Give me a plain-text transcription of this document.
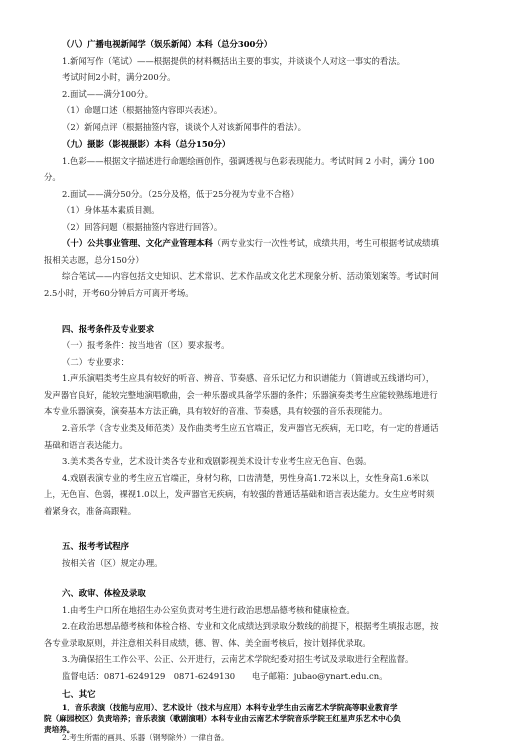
（八）广播电视新闻学（娱乐新闻）本科（总分300分）
1.新闻写作（笔试）——根据提供的材料概括出主要的事实，并谈谈个人对这一事实的看法。
考试时间2小时，满分200分。
2.面试——满分100分。
（1）命题口述（根据抽签内容即兴表述）。
（2）新闻点评（根据抽签内容，谈谈个人对该新闻事件的看法）。
（九）摄影（影视摄影）本科（总分150分）
1.色彩——根据文字描述进行命题绘画创作，强调透视与色彩表现能力。考试时间 2 小时，满分 100
分。
2.面试——满分50分。（25分及格，低于25分视为专业不合格）
（1）身体基本素质目测。
（2）回答问题（根据抽签内容进行回答）。
（十）公共事业管理、文化产业管理本科（两专业实行一次性考试，成绩共用，考生可根据考试成绩填
报相关志愿，总分150分）
综合笔试——内容包括文史知识、艺术常识、艺术作品或文化艺术现象分析、活动策划案等。考试时间
2.5小时，开考60分钟后方可离开考场。
四、报考条件及专业要求
（一）报考条件：按当地省（区）要求报考。
（二）专业要求：
1.声乐演唱类考生应具有较好的听音、辨音、节奏感、音乐记忆力和识谱能力（简谱或五线谱均可），
发声器官良好，能较完整地演唱歌曲，会一种乐器或具备学乐器的条件；乐器演奏类考生应能较熟练地进行
本专业乐器演奏，演奏基本方法正确，具有较好的音准、节奏感，具有较强的音乐表现能力。
2.音乐学（含专业类及师范类）及作曲类考生应五官端正，发声器官无疾病，无口吃，有一定的普通话
基础和语言表达能力。
3.美术类各专业，艺术设计类各专业和戏剧影视美术设计专业考生应无色盲、色弱。
4.戏剧表演专业的考生应五官端正，身材匀称，口齿清楚，男性身高1.72米以上，女性身高1.6米以
上，无色盲、色弱，裸视1.0以上，发声器官无疾病，有较强的普通话基础和语言表达能力。女生应考时须
着紧身衣，准备高跟鞋。
五、报考考试程序
按相关省（区）规定办理。
六、政审、体检及录取
1.由考生户口所在地招生办公室负责对考生进行政治思想品德考核和健康检查。
2.在政治思想品德考核和体检合格、专业和文化成绩达到录取分数线的前提下，根据考生填报志愿，按
各专业录取原则，并注意相关科目成绩，德、智、体、美全面考核后，按计划择优录取。
3.为确保招生工作公平、公正、公开进行，云南艺术学院纪委对招生考试及录取进行全程监督。
监督电话：0871-6249129　0871-6249130　　电子邮箱：jubao@ynart.edu.cn。
七、其它
1．音乐表演（技能与应用）、艺术设计（技术与应用）本科专业学生由云南艺术学院高等职业教育学
院（麻园校区）负责培养；音乐表演（歌剧演唱）本科专业由云南艺术学院音乐学院王红星声乐艺术中心负
责培养。
2.考生所需的画具、乐器（钢琴除外）一律自备。
